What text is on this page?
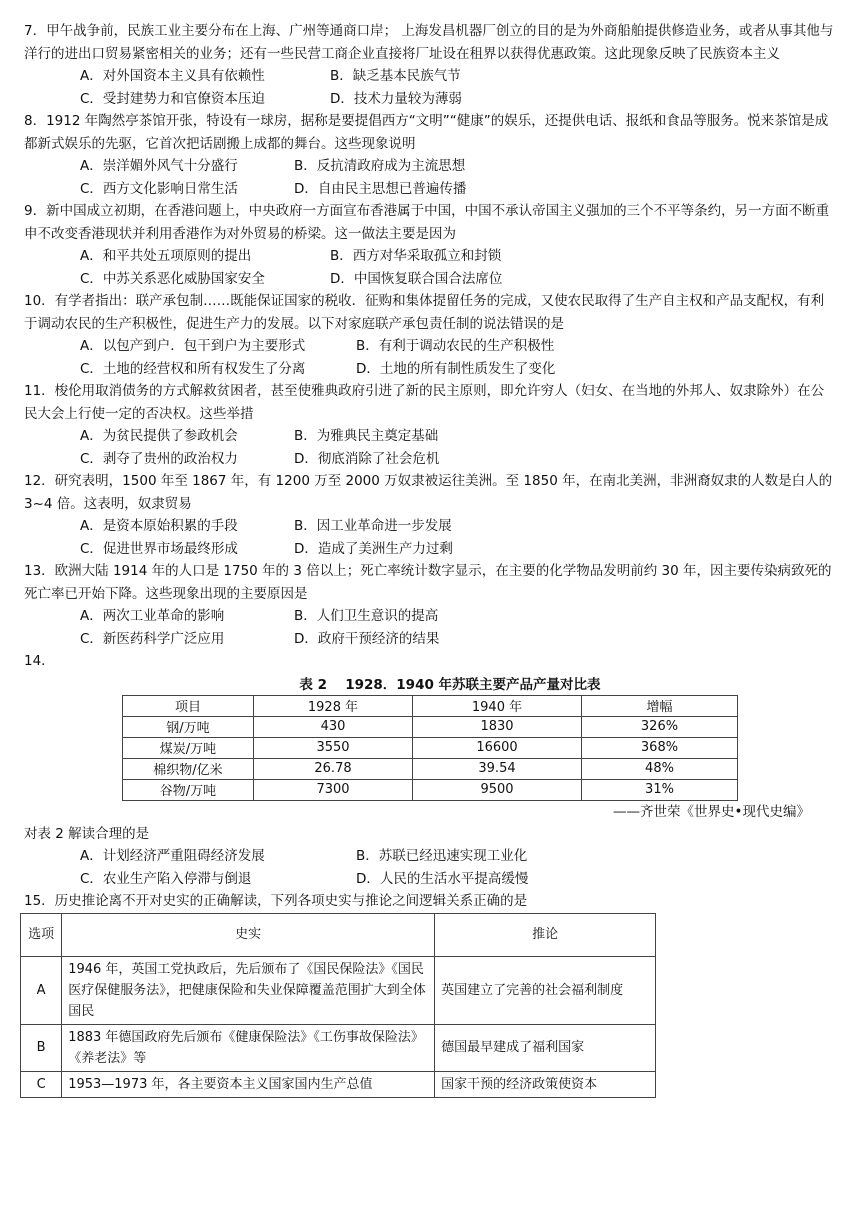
7．甲午战争前，民族工业主要分布在上海、广州等通商口岸； 上海发昌机器厂创立的目的是为外商船舶提供修造业务，或者从事其他与洋行的进出口贸易紧密相关的业务；还有一些民营工商企业直接将厂址设在租界以获得优惠政策。这此现象反映了民族资本主义

A．对外国资本主义具有依赖性	B．缺乏基本民族气节
C．受封建势力和官僚资本压迫	D．技术力量较为薄弱

8．1912 年陶然亭茶馆开张，特设有一球房，据称是要提倡西方“文明”“健康”的娱乐，还提供电话、报纸和食品等服务。悦来茶馆是成都新式娱乐的先驱，它首次把话剧搬上成都的舞台。这些现象说明

A．崇洋媚外风气十分盛行	B．反抗清政府成为主流思想
C．西方文化影响日常生活	D．自由民主思想已普遍传播

9．新中国成立初期，在香港问题上，中央政府一方面宣布香港属于中国，中国不承认帝国主义强加的三个不平等条约，另一方面不断重申不改变香港现状并利用香港作为对外贸易的桥梁。这一做法主要是因为

A．和平共处五项原则的提出	B．西方对华采取孤立和封锁
C．中苏关系恶化威胁国家安全	D．中国恢复联合国合法席位

10．有学者指出：联产承包制……既能保证国家的税收．征购和集体提留任务的完成，又使农民取得了生产自主权和产品支配权，有利于调动农民的生产积极性，促进生产力的发展。以下对家庭联产承包责任制的说法错误的是

A．以包产到户．包干到户为主要形式	B．有利于调动农民的生产积极性
C．土地的经营权和所有权发生了分离	D．土地的所有制性质发生了变化

11．梭伦用取消债务的方式解救贫困者，甚至使雅典政府引进了新的民主原则，即允许穷人（妇女、在当地的外邦人、奴隶除外）在公民大会上行使一定的否决权。这些举措

A．为贫民提供了参政机会	B．为雅典民主奠定基础
C．剥夺了贵州的政治权力	D．彻底消除了社会危机

12．研究表明，1500 年至 1867 年，有 1200 万至 2000 万奴隶被运往美洲。至 1850 年，在南北美洲，非洲裔奴隶的人数是白人的 3~4 倍。这表明，奴隶贸易

A．是资本原始积累的手段	B．因工业革命进一步发展
C．促进世界市场最终形成	D．造成了美洲生产力过剩

13．欧洲大陆 1914 年的人口是 1750 年的 3 倍以上；死亡率统计数字显示，在主要的化学物品发明前约 30 年，因主要传染病致死的死亡率已开始下降。这些现象出现的主要原因是

A．两次工业革命的影响	B．人们卫生意识的提高
C．新医药科学广泛应用	D．政府干预经济的结果

14．

表 2　 1928．1940 年苏联主要产品产量对比表
项目	1928 年	1940 年	增幅
钢/万吨	430	1830	326%
煤炭/万吨	3550	16600	368%
棉织物/亿米	26.78	39.54	48%
谷物/万吨	7300	9500	31%
——齐世荣《世界史•现代史编》

对表 2 解读合理的是

A．计划经济严重阻碍经济发展	B．苏联已经迅速实现工业化
C．农业生产陷入停滞与倒退	D．人民的生活水平提高缓慢

15．历史推论离不开对史实的正确解读，下列各项史实与推论之间逻辑关系正确的是

选项	史实	推论
A	1946 年，英国工党执政后，先后颁布了《国民保险法》《国民医疗保健服务法》，把健康保险和失业保障覆盖范围扩大到全体国民	英国建立了完善的社会福利制度
B	1883 年德国政府先后颁布《健康保险法》《工伤事故保险法》《养老法》等	德国最早建成了福利国家
C	1953—1973 年，各主要资本主义国家国内生产总值	国家干预的经济政策使资本
